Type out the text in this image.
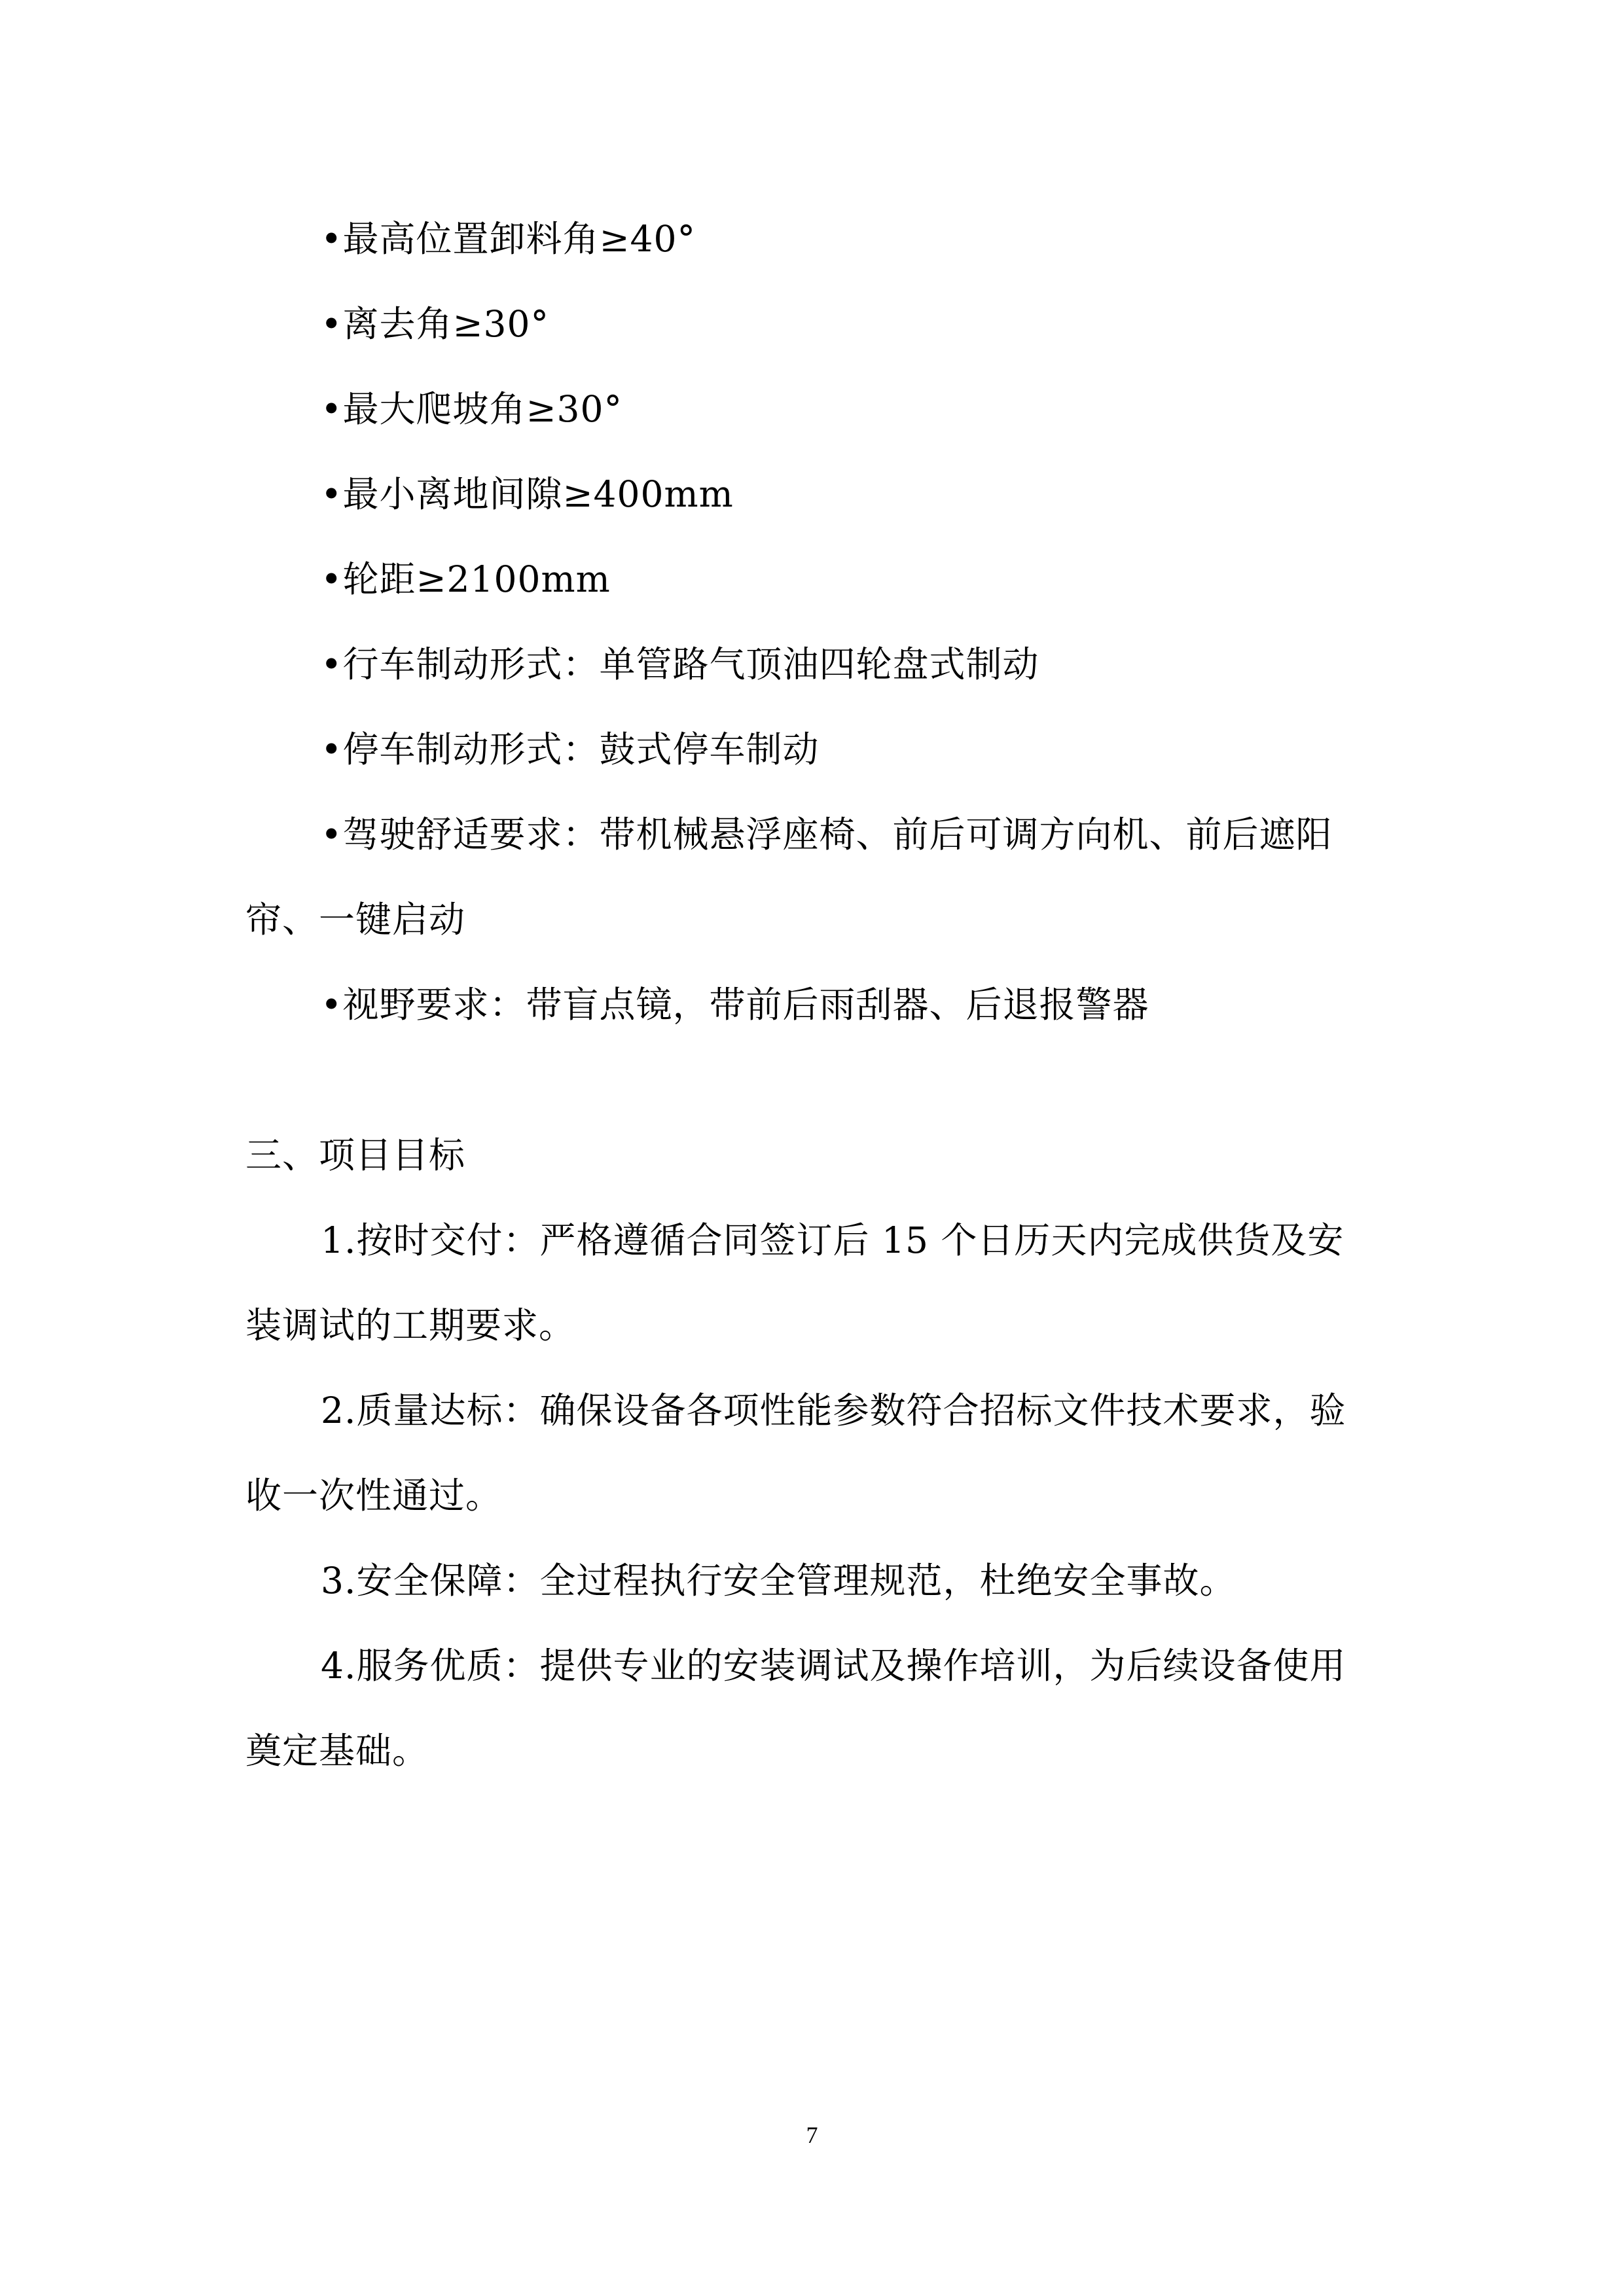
•最高位置卸料角≥40°
•离去角≥30°
•最大爬坡角≥30°
•最小离地间隙≥400mm
•轮距≥2100mm
•行车制动形式：单管路气顶油四轮盘式制动
•停车制动形式：鼓式停车制动
•驾驶舒适要求：带机械悬浮座椅、前后可调方向机、前后遮阳
帘、一键启动
•视野要求：带盲点镜，带前后雨刮器、后退报警器
三、项目目标
1.按时交付：严格遵循合同签订后 15 个日历天内完成供货及安
装调试的工期要求。
2.质量达标：确保设备各项性能参数符合招标文件技术要求，验
收一次性通过。
3.安全保障：全过程执行安全管理规范，杜绝安全事故。
4.服务优质：提供专业的安装调试及操作培训，为后续设备使用
奠定基础。
7
